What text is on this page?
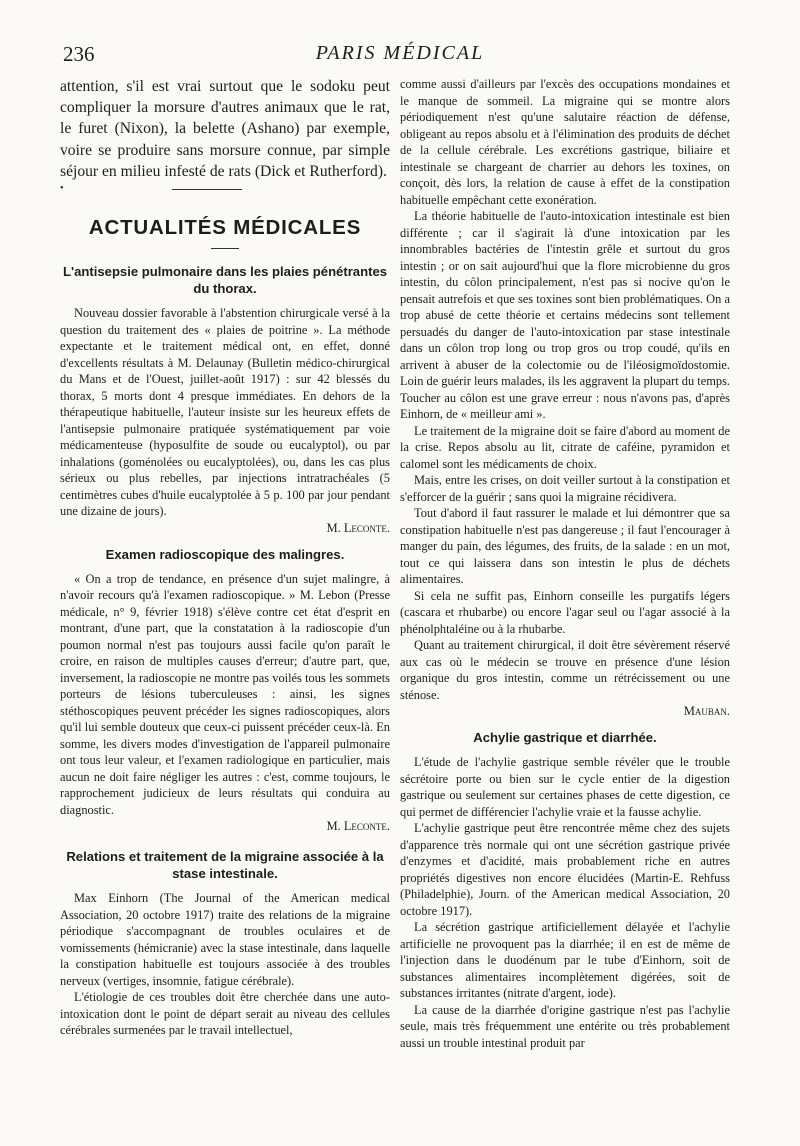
236	PARIS MÉDICAL

attention, s'il est vrai surtout que le sodoku peut compliquer la morsure d'autres animaux que le rat, le furet (Nixon), la belette (Ashano) par exemple, voire se produire sans morsure connue, par simple séjour en milieu infesté de rats (Dick et Rutherford).

•
ACTUALITÉS MÉDICALES
L'antisepsie pulmonaire dans les plaies pénétrantes du thorax.

Nouveau dossier favorable à l'abstention chirurgicale versé à la question du traitement des « plaies de poitrine ». La méthode expectante et le traitement médical ont, en effet, donné d'excellents résultats à M. Delaunay (Bulletin médico-chirurgical du Mans et de l'Ouest, juillet-août 1917) : sur 42 blessés du thorax, 5 morts dont 4 presque immédiates. En dehors de la thérapeutique habituelle, l'auteur insiste sur les heureux effets de l'antisepsie pulmonaire pratiquée systématiquement par voie médicamenteuse (hyposulfite de soude ou eucalyptol), ou par inhalations (goménolées ou eucalyptolées), ou, dans les cas plus sérieux ou plus rebelles, par injections intratrachéales (5 centimètres cubes d'huile eucalyptolée à 5 p. 100 par jour pendant une dizaine de jours).

M. Leconte.

Examen radioscopique des malingres.

« On a trop de tendance, en présence d'un sujet malingre, à n'avoir recours qu'à l'examen radioscopique. » M. Lebon (Presse médicale, n° 9, février 1918) s'élève contre cet état d'esprit en montrant, d'une part, que la constatation à la radioscopie d'un poumon normal n'est pas toujours aussi facile qu'on paraît le croire, en raison de multiples causes d'erreur; d'autre part, que, inversement, la radioscopie ne montre pas voilés tous les sommets porteurs de lésions tuberculeuses : ainsi, les signes stéthoscopiques peuvent précéder les signes radioscopiques, alors qu'il lui semble douteux que ceux-ci puissent précéder ceux-là. En somme, les divers modes d'investigation de l'appareil pulmonaire ont tous leur valeur, et l'examen radiologique en particulier, mais aucun ne doit faire négliger les autres : c'est, comme toujours, le rapprochement judicieux de leurs résultats qui conduira au diagnostic.

M. Leconte.

Relations et traitement de la migraine associée à la stase intestinale.

Max Einhorn (The Journal of the American medical Association, 20 octobre 1917) traite des relations de la migraine périodique s'accompagnant de troubles oculaires et de vomissements (hémicranie) avec la stase intestinale, dans laquelle la constipation habituelle est toujours associée à des troubles nerveux (vertiges, insomnie, fatigue cérébrale).

L'étiologie de ces troubles doit être cherchée dans une auto-intoxication dont le point de départ serait au niveau des cellules cérébrales surmenées par le travail intellectuel,

comme aussi d'ailleurs par l'excès des occupations mondaines et le manque de sommeil. La migraine qui se montre alors périodiquement n'est qu'une salutaire réaction de défense, obligeant au repos absolu et à l'élimination des produits de déchet de la cellule cérébrale. Les excrétions gastrique, biliaire et intestinale se chargeant de charrier au dehors les toxines, on conçoit, dès lors, la relation de cause à effet de la constipation habituelle empêchant cette exonération.

La théorie habituelle de l'auto-intoxication intestinale est bien différente ; car il s'agirait là d'une intoxication par les innombrables bactéries de l'intestin grêle et surtout du gros intestin ; or on sait aujourd'hui que la flore microbienne du gros intestin, du côlon principalement, n'est pas si nocive qu'on le pensait autrefois et que ses toxines sont bien problématiques. On a trop abusé de cette théorie et certains médecins sont tellement persuadés du danger de l'auto-intoxication par stase intestinale dans un côlon trop long ou trop gros ou trop coudé, qu'ils en arrivent à abuser de la colectomie ou de l'iléosigmoïdostomie. Loin de guérir leurs malades, ils les aggravent la plupart du temps. Toucher au côlon est une grave erreur : nous n'avons pas, d'après Einhorn, de « meilleur ami ».

Le traitement de la migraine doit se faire d'abord au moment de la crise. Repos absolu au lit, citrate de caféine, pyramidon et calomel sont les médicaments de choix.

Mais, entre les crises, on doit veiller surtout à la constipation et s'efforcer de la guérir ; sans quoi la migraine récidivera.

Tout d'abord il faut rassurer le malade et lui démontrer que sa constipation habituelle n'est pas dangereuse ; il faut l'encourager à manger du pain, des légumes, des fruits, de la salade : en un mot, tout ce qui laissera dans son intestin le plus de déchets alimentaires.

Si cela ne suffit pas, Einhorn conseille les purgatifs légers (cascara et rhubarbe) ou encore l'agar seul ou l'agar associé à la phénolphtaléine ou à la rhubarbe.

Quant au traitement chirurgical, il doit être sévèrement réservé aux cas où le médecin se trouve en présence d'une lésion organique du gros intestin, comme un rétrécissement ou une sténose.

Mauban.

Achylie gastrique et diarrhée.

L'étude de l'achylie gastrique semble révéler que le trouble sécrétoire porte ou bien sur le cycle entier de la digestion gastrique ou seulement sur certaines phases de cette digestion, ce qui permet de différencier l'achylie vraie et la fausse achylie.

L'achylie gastrique peut être rencontrée même chez des sujets d'apparence très normale qui ont une sécrétion gastrique privée d'enzymes et d'acidité, mais probablement riche en autres propriétés digestives non encore élucidées (Martin-E. Rehfuss (Philadelphie), Journ. of the American medical Association, 20 octobre 1917).

La sécrétion gastrique artificiellement délayée et l'achylie artificielle ne provoquent pas la diarrhée; il en est de même de l'injection dans le duodénum par le tube d'Einhorn, soit de substances alimentaires incomplètement digérées, soit de substances irritantes (nitrate d'argent, iode).

La cause de la diarrhée d'origine gastrique n'est pas l'achylie seule, mais très fréquemment une entérite ou très probablement aussi un trouble intestinal produit par
